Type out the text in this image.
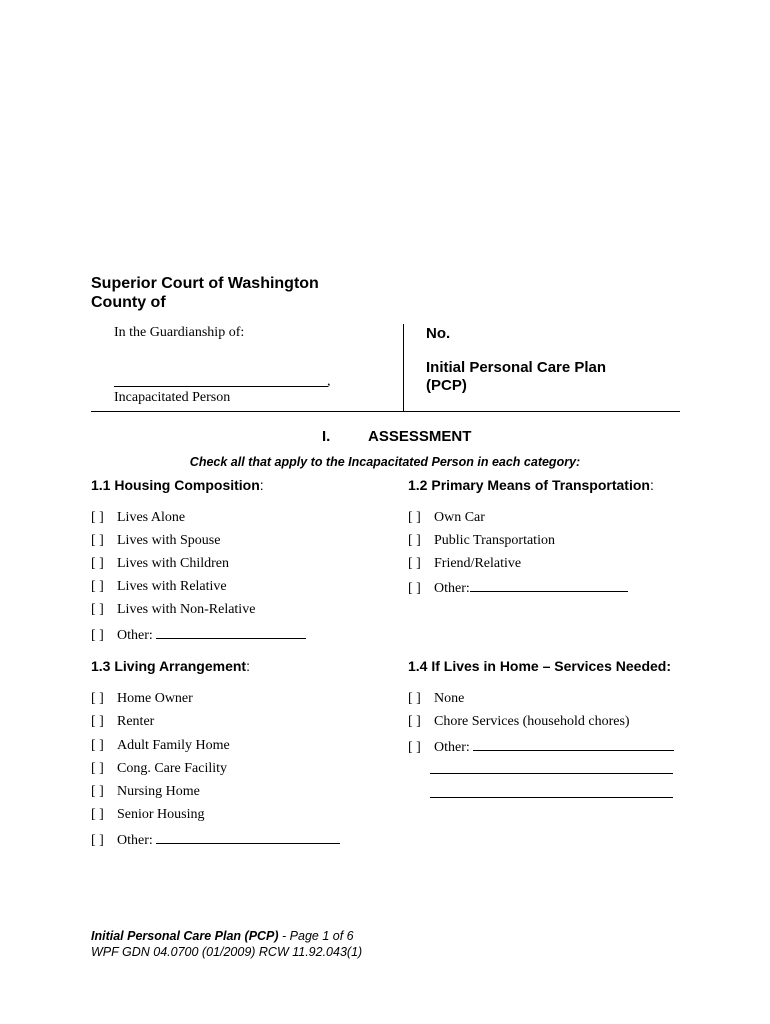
Superior Court of Washington
County of
In the Guardianship of:
,
Incapacitated Person
No.
Initial Personal Care Plan
(PCP)
I.	ASSESSMENT
Check all that apply to the Incapacitated Person in each category:
1.1 Housing Composition:
[ ] Lives Alone
[ ] Lives with Spouse
[ ] Lives with Children
[ ] Lives with Relative
[ ] Lives with Non-Relative
[ ] Other:
1.2 Primary Means of Transportation:
[ ] Own Car
[ ] Public Transportation
[ ] Friend/Relative
[ ] Other:
1.3 Living Arrangement:
[ ] Home Owner
[ ] Renter
[ ] Adult Family Home
[ ] Cong. Care Facility
[ ] Nursing Home
[ ] Senior Housing
[ ] Other:
1.4 If Lives in Home – Services Needed:
[ ] None
[ ] Chore Services (household chores)
[ ] Other:
Initial Personal Care Plan (PCP) - Page 1 of 6
WPF GDN 04.0700 (01/2009) RCW 11.92.043(1)
